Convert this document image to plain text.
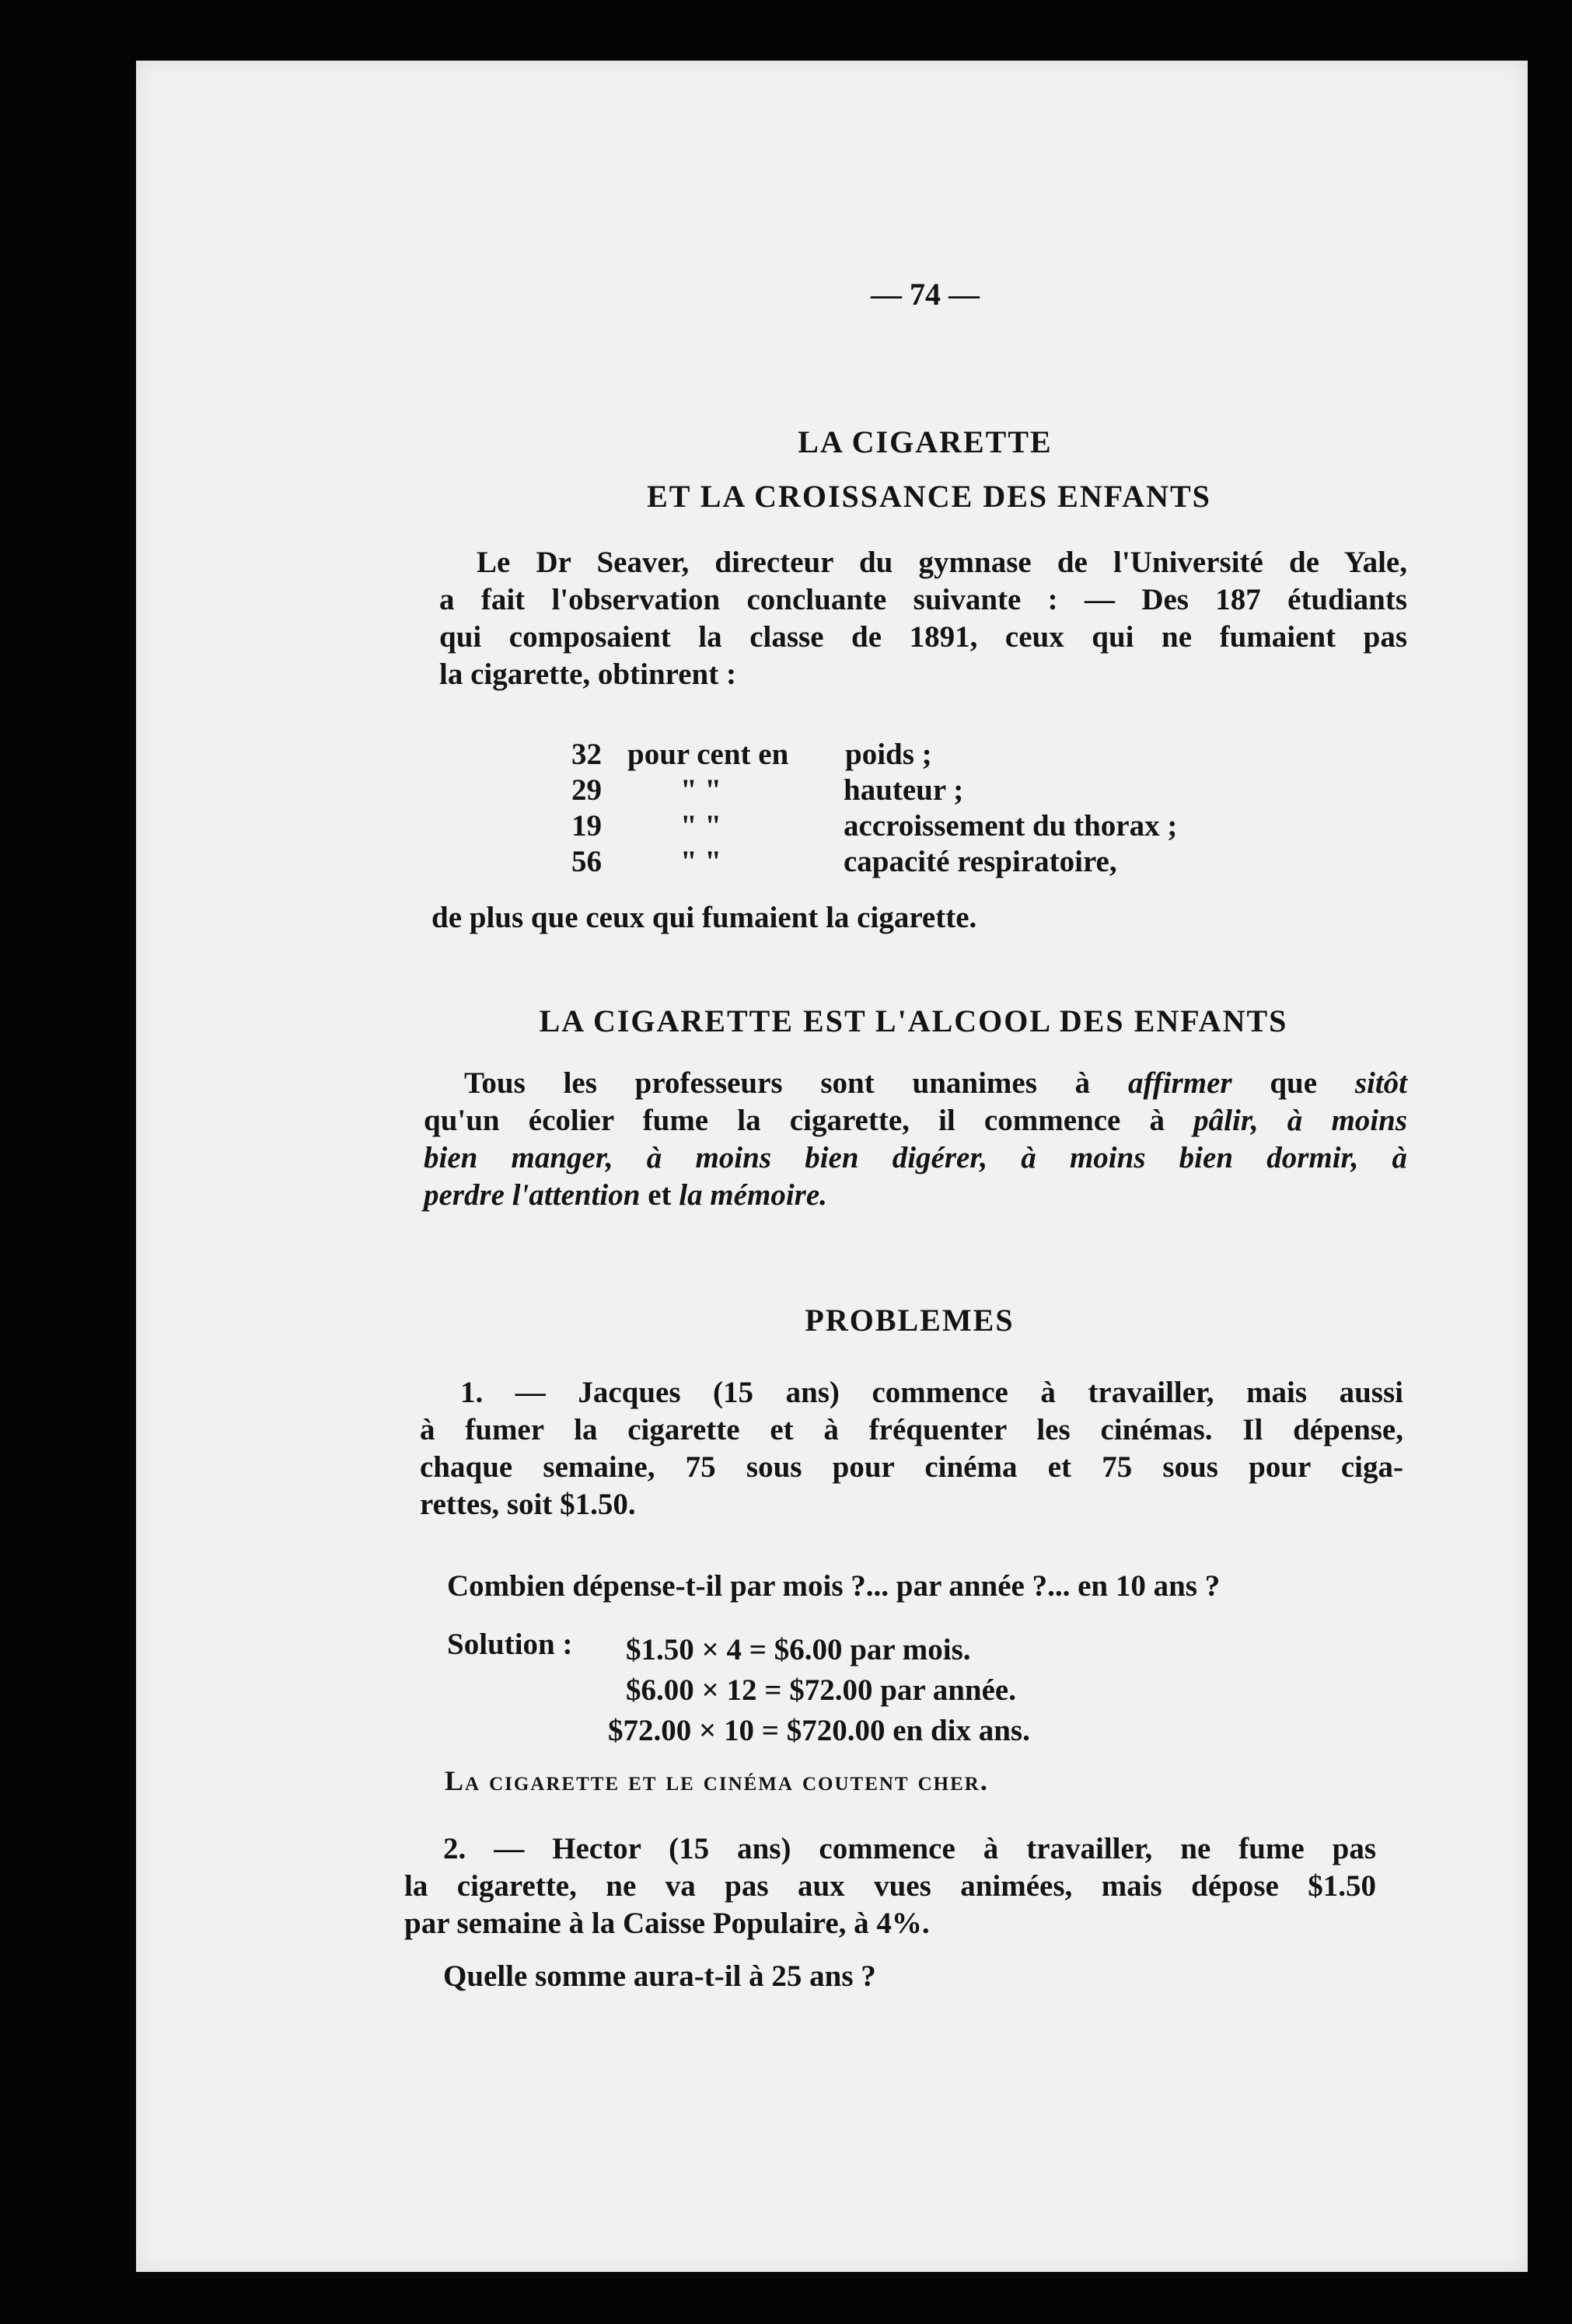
— 74 —
LA CIGARETTE
ET LA CROISSANCE DES ENFANTS
Le Dr Seaver, directeur du gymnase de l'Université de Yale,
a fait l'observation concluante suivante : — Des 187 étudiants
qui composaient la classe de 1891, ceux qui ne fumaient pas
la cigarette, obtinrent :
32 pour cent en poids ;
29	" "	hauteur ;
19	" "	accroissement du thorax ;
56	" "	capacité respiratoire,
de plus que ceux qui fumaient la cigarette.
LA CIGARETTE EST L'ALCOOL DES ENFANTS
Tous les professeurs sont unanimes à affirmer que sitôt
qu'un écolier fume la cigarette, il commence à pâlir, à moins
bien manger, à moins bien digérer, à moins bien dormir, à
perdre l'attention et la mémoire.
PROBLEMES
1. — Jacques (15 ans) commence à travailler, mais aussi
à fumer la cigarette et à fréquenter les cinémas. Il dépense,
chaque semaine, 75 sous pour cinéma et 75 sous pour ciga-
rettes, soit $1.50.
Combien dépense-t-il par mois ?... par année ?... en 10 ans ?
Solution : $1.50 × 4 = $6.00 par mois.
$6.00 × 12 = $72.00 par année.
$72.00 × 10 = $720.00 en dix ans.
La cigarette et le cinéma coutent cher.
2. — Hector (15 ans) commence à travailler, ne fume pas
la cigarette, ne va pas aux vues animées, mais dépose $1.50
par semaine à la Caisse Populaire, à 4%.
Quelle somme aura-t-il à 25 ans ?
